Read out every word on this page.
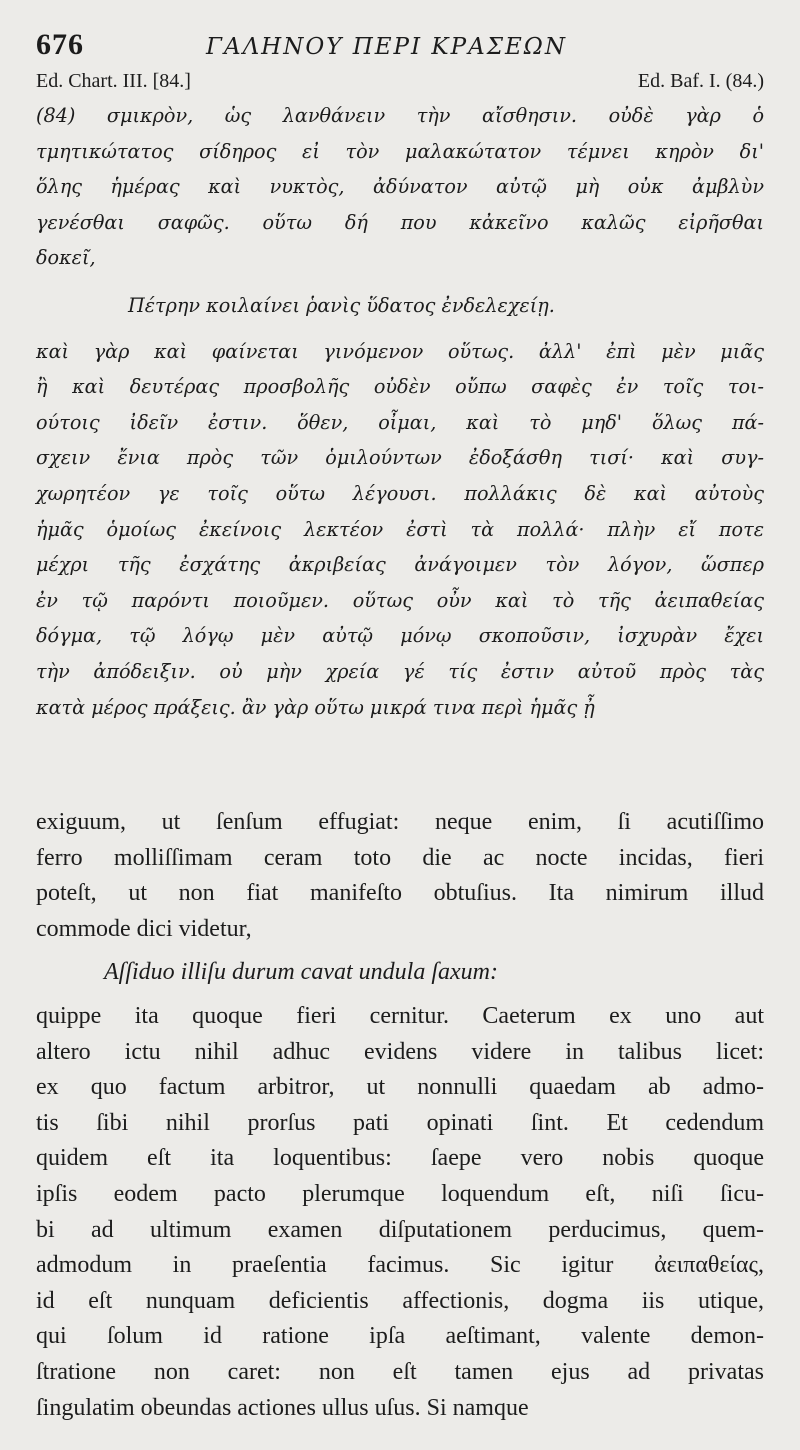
676	ΓΑΛΗΝΟΥ ΠΕΡΙ ΚΡΑΣΕΩΝ
Ed. Chart. III. [84.]	Ed. Baf. I. (84.)
(84) σμικρὸν, ὡς λανθάνειν τὴν αἴσθησιν. οὐδὲ γὰρ ὁ
τμητικώτατος σίδηρος εἰ τὸν μαλακώτατον τέμνει κηρὸν δι'
ὅλης ἡμέρας καὶ νυκτὸς, ἀδύνατον αὐτῷ μὴ οὐκ ἀμβλὺν
γενέσθαι σαφῶς. οὕτω δή που κἀκεῖνο καλῶς εἰρῆσθαι
δοκεῖ,
Πέτρην κοιλαίνει ῥανὶς ὕδατος ἐνδελεχείῃ.
καὶ γὰρ καὶ φαίνεται γινόμενον οὕτως. ἀλλ' ἐπὶ μὲν μιᾶς
ἢ καὶ δευτέρας προσβολῆς οὐδὲν οὔπω σαφὲς ἐν τοῖς τοι-
ούτοις ἰδεῖν ἐστιν. ὅθεν, οἶμαι, καὶ τὸ μηδ' ὅλως πά-
σχειν ἔνια πρὸς τῶν ὁμιλούντων ἐδοξάσθη τισί· καὶ συγ-
χωρητέον γε τοῖς οὕτω λέγουσι. πολλάκις δὲ καὶ αὐτοὺς
ἡμᾶς ὁμοίως ἐκείνοις λεκτέον ἐστὶ τὰ πολλά· πλὴν εἴ ποτε
μέχρι τῆς ἐσχάτης ἀκριβείας ἀνάγοιμεν τὸν λόγον, ὥσπερ
ἐν τῷ παρόντι ποιοῦμεν. οὕτως οὖν καὶ τὸ τῆς ἀειπαθείας
δόγμα, τῷ λόγῳ μὲν αὐτῷ μόνῳ σκοποῦσιν, ἰσχυρὰν ἔχει
τὴν ἀπόδειξιν. οὐ μὴν χρεία γέ τίς ἐστιν αὐτοῦ πρὸς τὰς
κατὰ μέρος πράξεις. ἂν γὰρ οὕτω μικρά τινα περὶ ἡμᾶς ᾖ
exiguum, ut ſenſum effugiat: neque enim, ſi acutiſſimo
ferro molliſſimam ceram toto die ac nocte incidas, fieri
poteſt, ut non fiat manifeſto obtuſius. Ita nimirum illud
commode dici videtur,
Aſſiduo illiſu durum cavat undula ſaxum:
quippe ita quoque fieri cernitur. Caeterum ex uno aut
altero ictu nihil adhuc evidens videre in talibus licet:
ex quo factum arbitror, ut nonnulli quaedam ab admo-
tis ſibi nihil prorſus pati opinati ſint. Et cedendum
quidem eſt ita loquentibus: ſaepe vero nobis quoque
ipſis eodem pacto plerumque loquendum eſt, niſi ſicu-
bi ad ultimum examen diſputationem perducimus, quem-
admodum in praeſentia facimus. Sic igitur ἀειπαθείας,
id eſt nunquam deficientis affectionis, dogma iis utique,
qui ſolum id ratione ipſa aeſtimant, valente demon-
ſtratione non caret: non eſt tamen ejus ad privatas
ſingulatim obeundas actiones ullus uſus. Si namque
